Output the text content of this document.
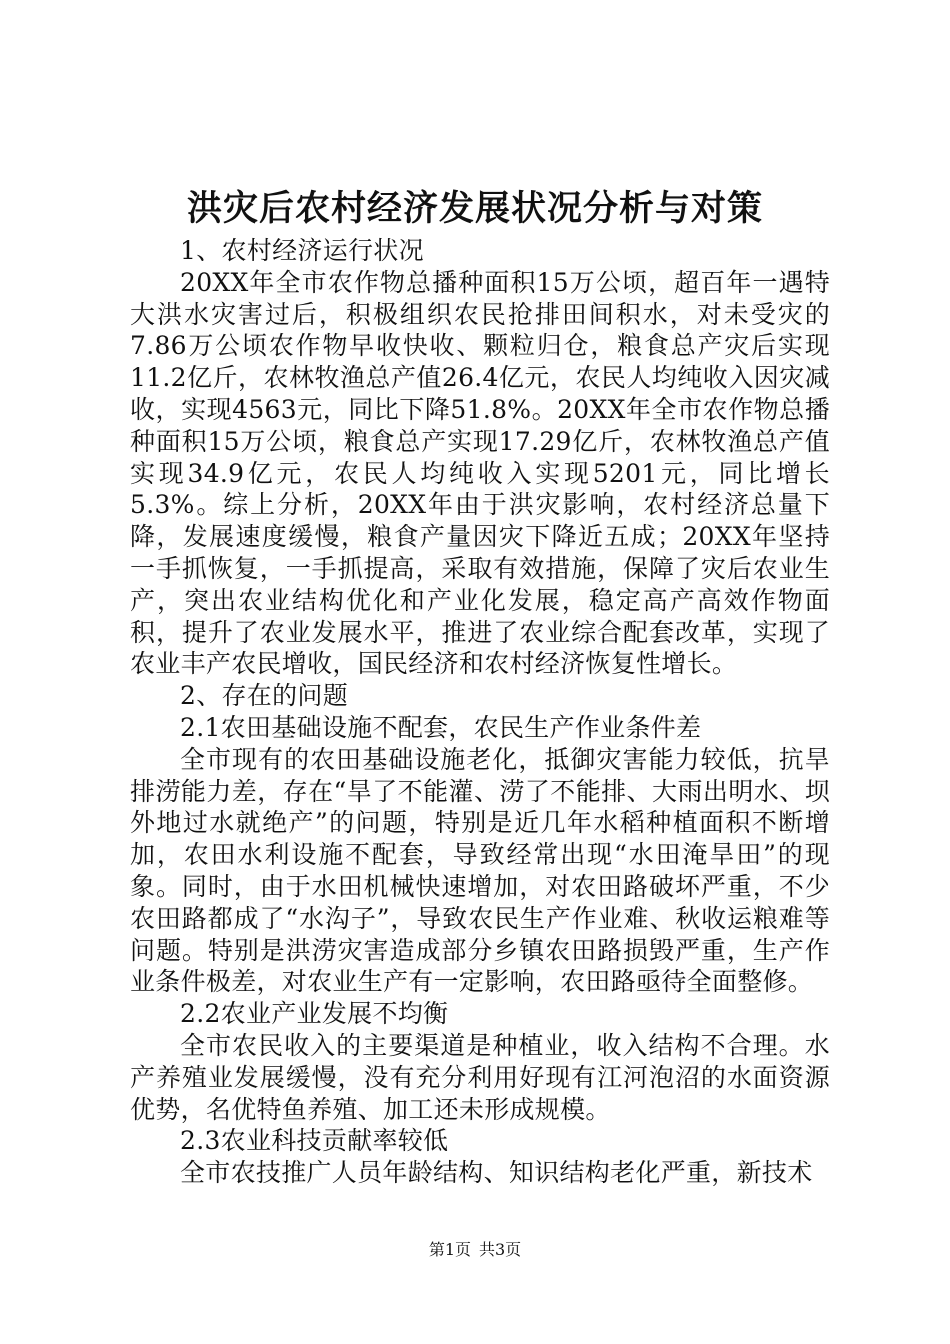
洪灾后农村经济发展状况分析与对策

1、农村经济运行状况

20XX年全市农作物总播种面积15万公顷，超百年一遇特大洪水灾害过后，积极组织农民抢排田间积水，对未受灾的7.86万公顷农作物早收快收、颗粒归仓，粮食总产灾后实现11.2亿斤，农林牧渔总产值26.4亿元，农民人均纯收入因灾减收，实现4563元，同比下降51.8%。20XX年全市农作物总播种面积15万公顷，粮食总产实现17.29亿斤，农林牧渔总产值实现34.9亿元，农民人均纯收入实现5201元，同比增长5.3%。综上分析，20XX年由于洪灾影响，农村经济总量下降，发展速度缓慢，粮食产量因灾下降近五成；20XX年坚持一手抓恢复，一手抓提高，采取有效措施，保障了灾后农业生产，突出农业结构优化和产业化发展，稳定高产高效作物面积，提升了农业发展水平，推进了农业综合配套改革，实现了农业丰产农民增收，国民经济和农村经济恢复性增长。

2、存在的问题

2.1农田基础设施不配套，农民生产作业条件差

全市现有的农田基础设施老化，抵御灾害能力较低，抗旱排涝能力差，存在“旱了不能灌、涝了不能排、大雨出明水、坝外地过水就绝产”的问题，特别是近几年水稻种植面积不断增加，农田水利设施不配套，导致经常出现“水田淹旱田”的现象。同时，由于水田机械快速增加，对农田路破坏严重，不少农田路都成了“水沟子”，导致农民生产作业难、秋收运粮难等问题。特别是洪涝灾害造成部分乡镇农田路损毁严重，生产作业条件极差，对农业生产有一定影响，农田路亟待全面整修。

2.2农业产业发展不均衡

全市农民收入的主要渠道是种植业，收入结构不合理。水产养殖业发展缓慢，没有充分利用好现有江河泡沼的水面资源优势，名优特鱼养殖、加工还未形成规模。

2.3农业科技贡献率较低

全市农技推广人员年龄结构、知识结构老化严重，新技术

第1页 共3页
